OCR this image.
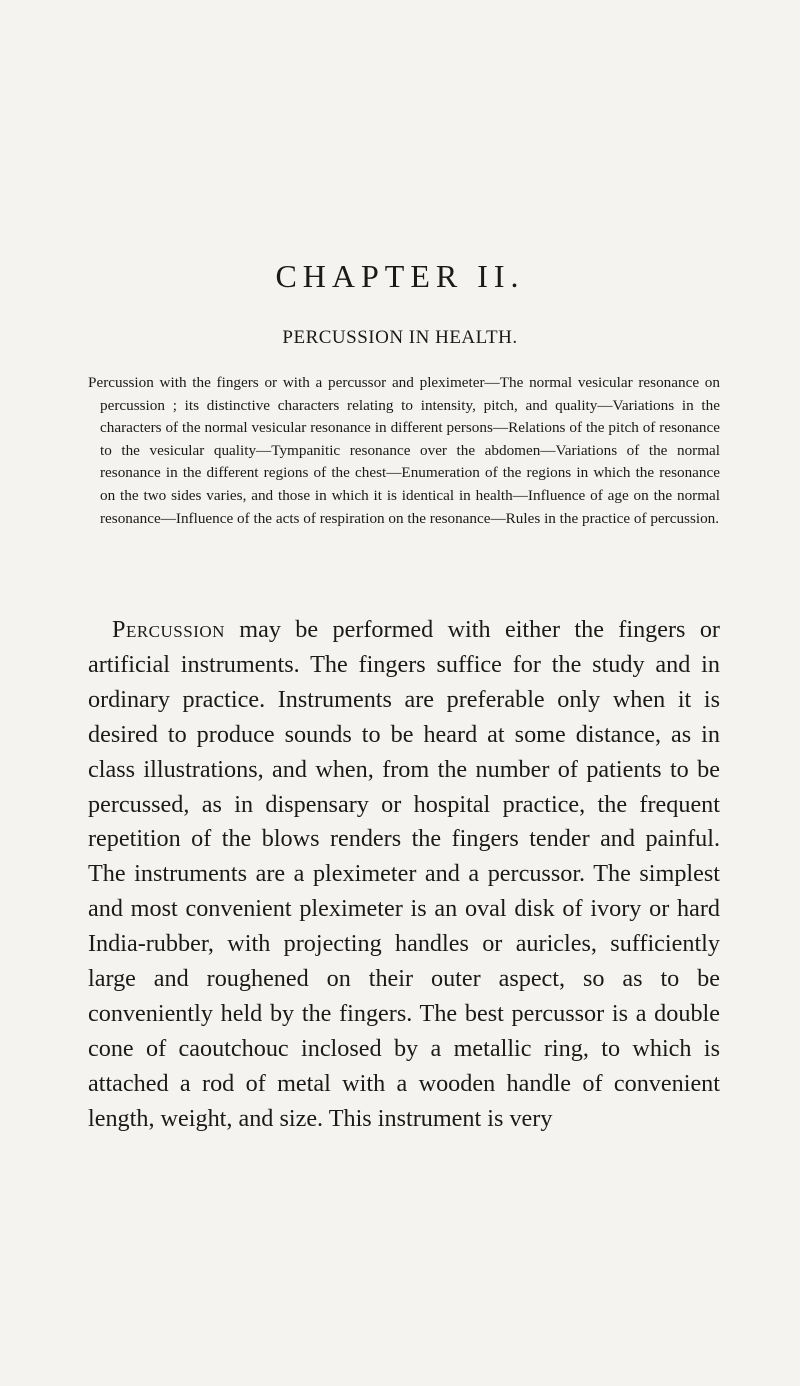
CHAPTER II.
PERCUSSION IN HEALTH.

Percussion with the fingers or with a percussor and pleximeter—The normal vesicular resonance on percussion ; its distinctive characters relating to intensity, pitch, and quality—Variations in the characters of the normal vesicular resonance in different persons—Relations of the pitch of resonance to the vesicular quality—Tympanitic resonance over the abdomen—Variations of the normal resonance in the different regions of the chest—Enumeration of the regions in which the resonance on the two sides varies, and those in which it is identical in health—Influence of age on the normal resonance—Influence of the acts of respiration on the resonance—Rules in the practice of percussion.

Percussion may be performed with either the fingers or artificial instruments. The fingers suffice for the study and in ordinary practice. Instruments are preferable only when it is desired to produce sounds to be heard at some distance, as in class illustrations, and when, from the number of patients to be percussed, as in dispensary or hospital practice, the frequent repetition of the blows renders the fingers tender and painful. The instruments are a pleximeter and a percussor. The simplest and most convenient pleximeter is an oval disk of ivory or hard India-rubber, with projecting handles or auricles, sufficiently large and roughened on their outer aspect, so as to be conveniently held by the fingers. The best percussor is a double cone of caoutchouc inclosed by a metallic ring, to which is attached a rod of metal with a wooden handle of convenient length, weight, and size. This instrument is very
